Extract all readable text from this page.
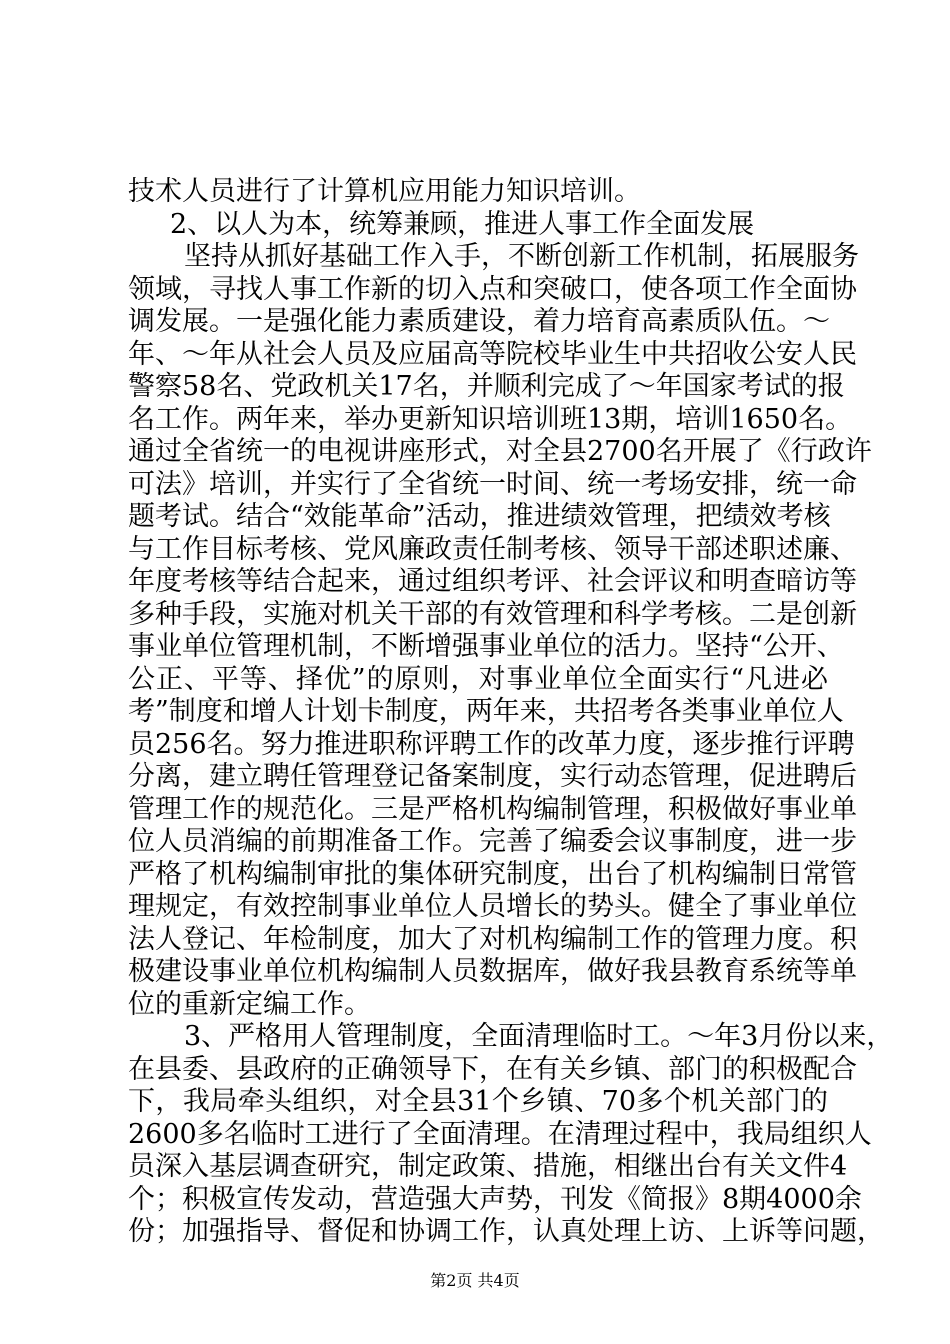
技术人员进行了计算机应用能力知识培训。
2、以人为本，统筹兼顾，推进人事工作全面发展
坚持从抓好基础工作入手，不断创新工作机制，拓展服务
领域，寻找人事工作新的切入点和突破口，使各项工作全面协
调发展。一是强化能力素质建设，着力培育高素质队伍。～
年、～年从社会人员及应届高等院校毕业生中共招收公安人民
警察58名、党政机关17名，并顺利完成了～年国家考试的报
名工作。两年来，举办更新知识培训班13期，培训1650名。
通过全省统一的电视讲座形式，对全县2700名开展了《行政许
可法》培训，并实行了全省统一时间、统一考场安排，统一命
题考试。结合“效能革命”活动，推进绩效管理，把绩效考核
与工作目标考核、党风廉政责任制考核、领导干部述职述廉、
年度考核等结合起来，通过组织考评、社会评议和明查暗访等
多种手段，实施对机关干部的有效管理和科学考核。二是创新
事业单位管理机制，不断增强事业单位的活力。坚持“公开、
公正、平等、择优”的原则，对事业单位全面实行“凡进必
考”制度和增人计划卡制度，两年来，共招考各类事业单位人
员256名。努力推进职称评聘工作的改革力度，逐步推行评聘
分离，建立聘任管理登记备案制度，实行动态管理，促进聘后
管理工作的规范化。三是严格机构编制管理，积极做好事业单
位人员消编的前期准备工作。完善了编委会议事制度，进一步
严格了机构编制审批的集体研究制度，出台了机构编制日常管
理规定，有效控制事业单位人员增长的势头。健全了事业单位
法人登记、年检制度，加大了对机构编制工作的管理力度。积
极建设事业单位机构编制人员数据库，做好我县教育系统等单
位的重新定编工作。
3、严格用人管理制度，全面清理临时工。～年3月份以来，
在县委、县政府的正确领导下，在有关乡镇、部门的积极配合
下，我局牵头组织，对全县31个乡镇、70多个机关部门的
2600多名临时工进行了全面清理。在清理过程中，我局组织人
员深入基层调查研究，制定政策、措施，相继出台有关文件4
个；积极宣传发动，营造强大声势，刊发《简报》8期4000余
份；加强指导、督促和协调工作，认真处理上访、上诉等问题，
第2页 共4页
